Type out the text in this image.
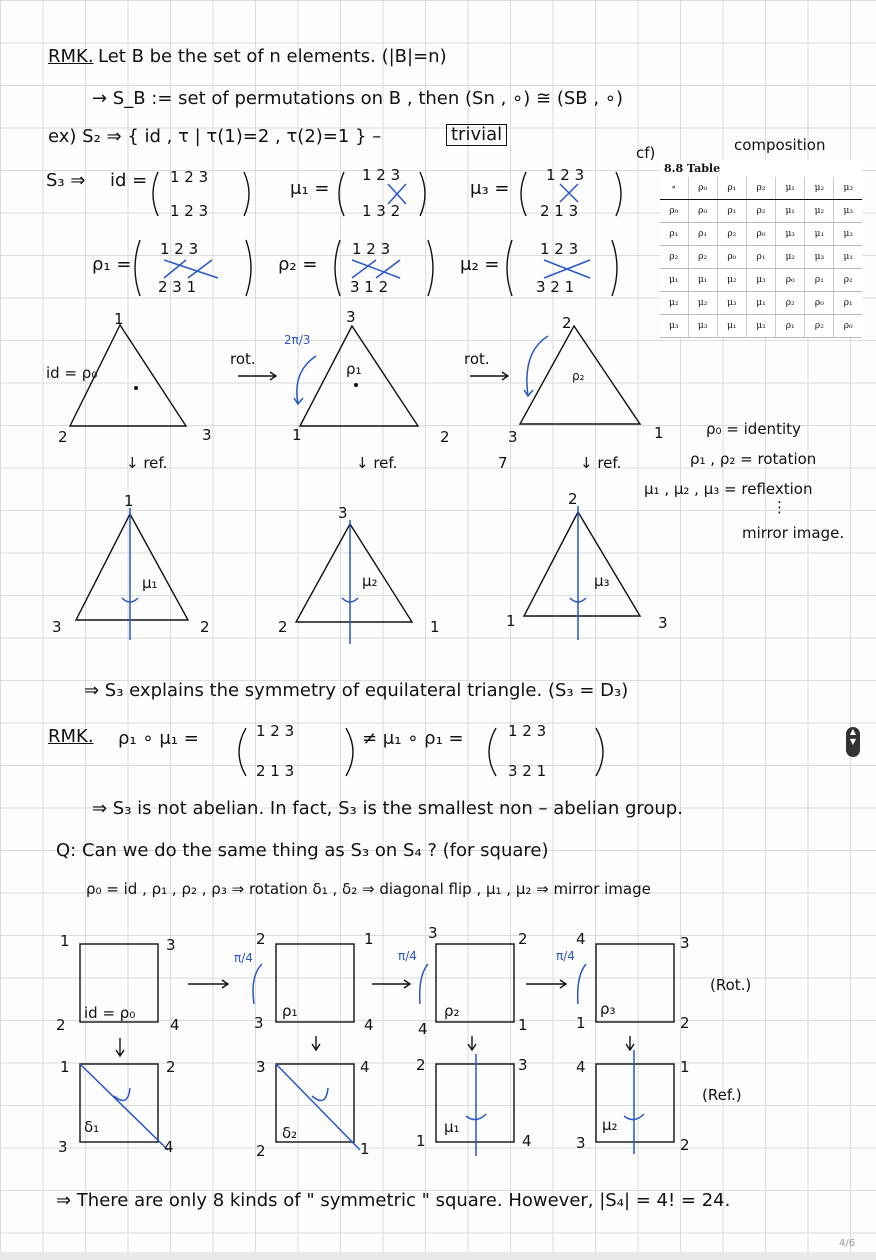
RMK. Let B be the set of n elements. (|B|=n)
→ S_B := set of permutations on B , then (Sn , ∘) ≅ (SB , ∘)
ex) S₂ ⇒ { id , τ | τ(1)=2 , τ(2)=1 } –	trivial
S₃ ⇒ id = 1 2 3
1 2 3
μ₁ =
1 2 3
1 3 2
μ₃ =
1 2 3
2 1 3
ρ₁ =
1 2 3
2 3 1
ρ₂ =
1 2 3
3 1 2
μ₂ =
1 2 3
3 2 1
cf)	composition
8.8 Table
∘	ρ₀	ρ₁	ρ₂	μ₁	μ₂	μ₃
ρ₀	ρ₀	ρ₁	ρ₂	μ₁	μ₂	μ₃
ρ₁	ρ₁	ρ₂	ρ₀	μ₃	μ₁	μ₂
ρ₂	ρ₂	ρ₀	ρ₁	μ₂	μ₃	μ₁
μ₁	μ₁	μ₂	μ₃	ρ₀	ρ₁	ρ₂
μ₂	μ₂	μ₃	μ₁	ρ₂	ρ₀	ρ₁
μ₃	μ₃	μ₁	μ₂	ρ₁	ρ₂	ρ₀
id = ρ₀
1
2	3
rot.
2π/3
3
1	2
ρ₁
rot.
2
3	1
ρ₂
↓ ref.	↓ ref.	7	↓ ref.
1
3	2
μ₁
3
2	1
μ₂
2
1	3
μ₃
ρ₀ = identity
ρ₁ , ρ₂ = rotation
μ₁ , μ₂ , μ₃ = reflextion
⋮
mirror image.
⇒ S₃ explains the symmetry of equilateral triangle. (S₃ = D₃)
RMK. ρ₁ ∘ μ₁ =	1 2 3
2 1 3
≠ μ₁ ∘ ρ₁ =	1 2 3
3 2 1
⇒ S₃ is not abelian. In fact, S₃ is the smallest non – abelian group.
Q: Can we do the same thing as S₃ on S₄ ? (for square)
ρ₀ = id , ρ₁ , ρ₂ , ρ₃ ⇒ rotation δ₁ , δ₂ ⇒ diagonal flip , μ₁ , μ₂ ⇒ mirror image
1	3
2	4
id = ρ₀
2	1
3	4
π/4
ρ₁
3	2
4	1
π/4
ρ₂
4	3
1	2
π/4
ρ₃
(Rot.)
1	2
3	4
δ₁
3	4
2	1
δ₂
2	3
1	4
μ₁
4	1
3	2
μ₂
(Ref.)
⇒ There are only 8 kinds of " symmetric " square. However, |S₄| = 4! = 24.
▲
▼
4/6
